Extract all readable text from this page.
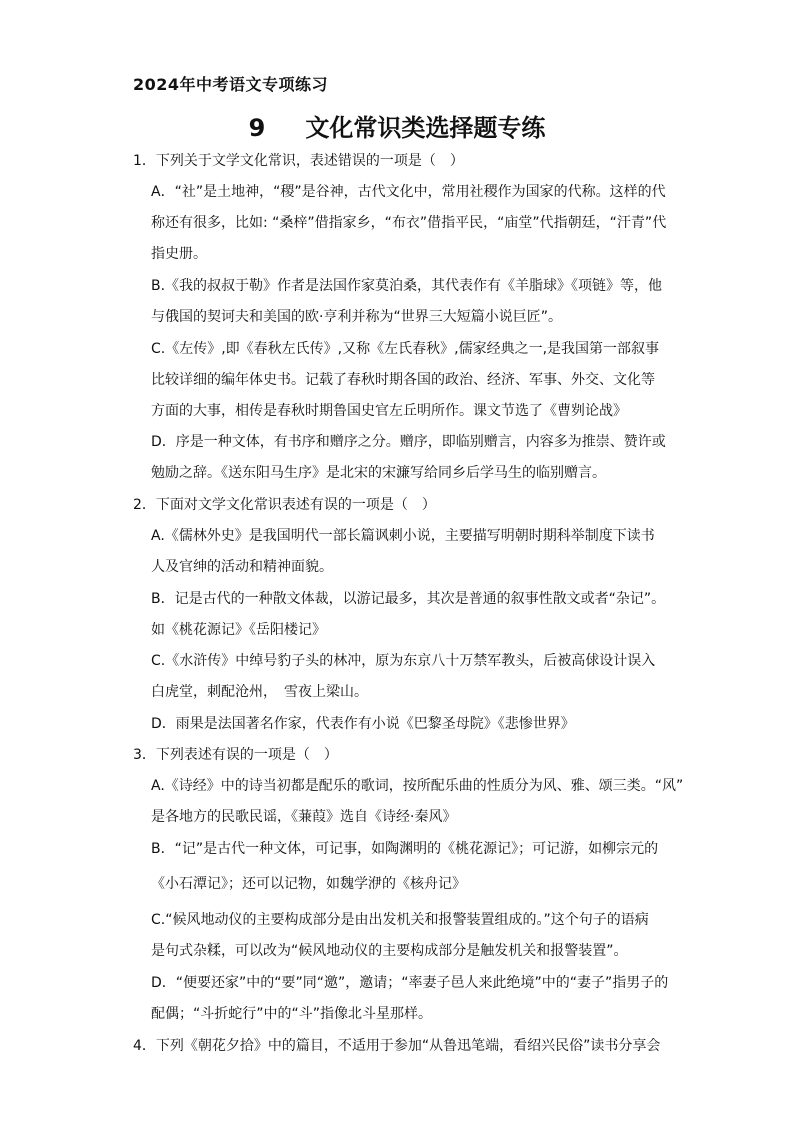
2024年中考语文专项练习
9 文化常识类选择题专练
1．下列关于文学文化常识，表述错误的一项是（　）
A．“社”是土地神，“稷”是谷神，古代文化中，常用社稷作为国家的代称。这样的代
称还有很多，比如: “桑梓”借指家乡，“布衣”借指平民，“庙堂”代指朝廷，“汗青”代
指史册。
B.《我的叔叔于勒》作者是法国作家莫泊桑，其代表作有《羊脂球》《项链》等，他
与俄国的契诃夫和美国的欧·亨利并称为“世界三大短篇小说巨匠”。
C.《左传》,即《春秋左氏传》,又称《左氏春秋》,儒家经典之一,是我国第一部叙事
比较详细的编年体史书。记载了春秋时期各国的政治、经济、军事、外交、文化等
方面的大事，相传是春秋时期鲁国史官左丘明所作。课文节选了《曹刿论战》
D．序是一种文体，有书序和赠序之分。赠序，即临别赠言，内容多为推崇、赞许或
勉励之辞。《送东阳马生序》是北宋的宋濂写给同乡后学马生的临别赠言。
2．下面对文学文化常识表述有误的一项是（　）
A.《儒林外史》是我国明代一部长篇讽刺小说，主要描写明朝时期科举制度下读书
人及官绅的活动和精神面貌。
B．记是古代的一种散文体裁，以游记最多，其次是普通的叙事性散文或者“杂记”。
如《桃花源记》《岳阳楼记》
C.《水浒传》中绰号豹子头的林冲，原为东京八十万禁军教头，后被高俅设计误入
白虎堂，刺配沧州，　雪夜上梁山。
D．雨果是法国著名作家，代表作有小说《巴黎圣母院》《悲惨世界》
3．下列表述有误的一项是（　）
A.《诗经》中的诗当初都是配乐的歌词，按所配乐曲的性质分为风、雅、颂三类。“风”
是各地方的民歌民谣，《蒹葭》选自《诗经·秦风》
B．“记”是古代一种文体，可记事，如陶渊明的《桃花源记》；可记游，如柳宗元的
《小石潭记》；还可以记物，如魏学洢的《核舟记》
C.“候风地动仪的主要构成部分是由出发机关和报警装置组成的。”这个句子的语病
是句式杂糅，可以改为“候风地动仪的主要构成部分是触发机关和报警装置”。
D．“便要还家”中的“要”同“邀”，邀请；“率妻子邑人来此绝境”中的“妻子”指男子的
配偶；“斗折蛇行”中的“斗”指像北斗星那样。
4．下列《朝花夕拾》中的篇目，不适用于参加“从鲁迅笔端，看绍兴民俗”读书分享会
